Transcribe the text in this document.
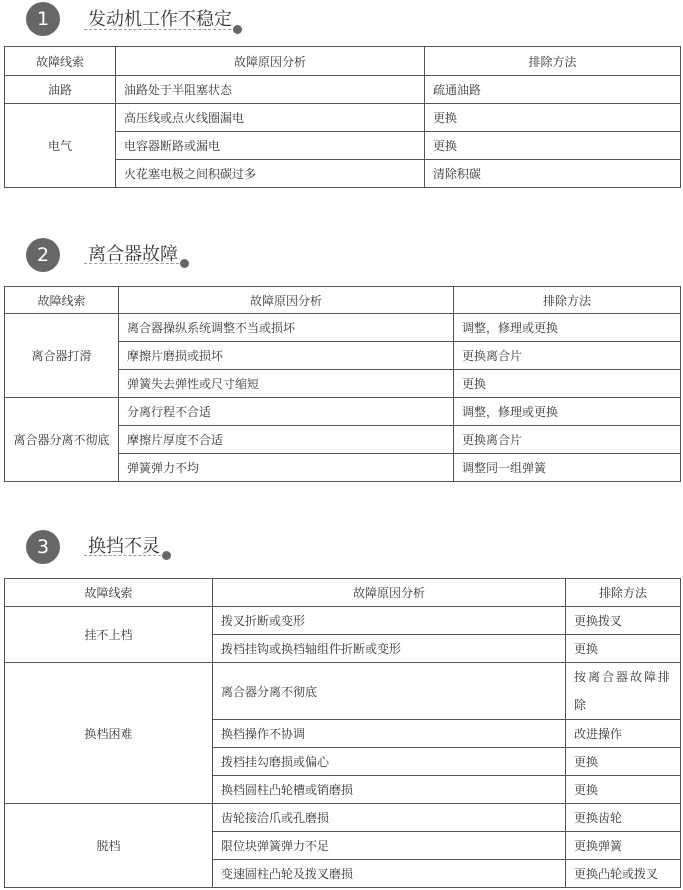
1	发动机工作不稳定
故障线索	故障原因分析	排除方法
油路	油路处于半阻塞状态	疏通油路
电气	高压线或点火线圈漏电	更换
	电容器断路或漏电	更换
	火花塞电极之间积碳过多	清除积碳
2	离合器故障
故障线索	故障原因分析	排除方法
离合器打滑	离合器操纵系统调整不当或损坏	调整，修理或更换
	摩擦片磨损或损坏	更换离合片
	弹簧失去弹性或尺寸缩短	更换
离合器分离不彻底	分离行程不合适	调整，修理或更换
	摩擦片厚度不合适	更换离合片
	弹簧弹力不均	调整同一组弹簧
3	换挡不灵
故障线索	故障原因分析	排除方法
挂不上档	拨叉折断或变形	更换拨叉
	拨档挂钩或换档轴组件折断或变形	更换
换档困难	离合器分离不彻底	按离合器故障排除
	换档操作不协调	改进操作
	拨档挂勾磨损或偏心	更换
	换档圆柱凸轮槽或销磨损	更换
脱档	齿轮接洽爪或孔磨损	更换齿轮
	限位块弹簧弹力不足	更换弹簧
	变速圆柱凸轮及拨叉磨损	更换凸轮或拨叉
